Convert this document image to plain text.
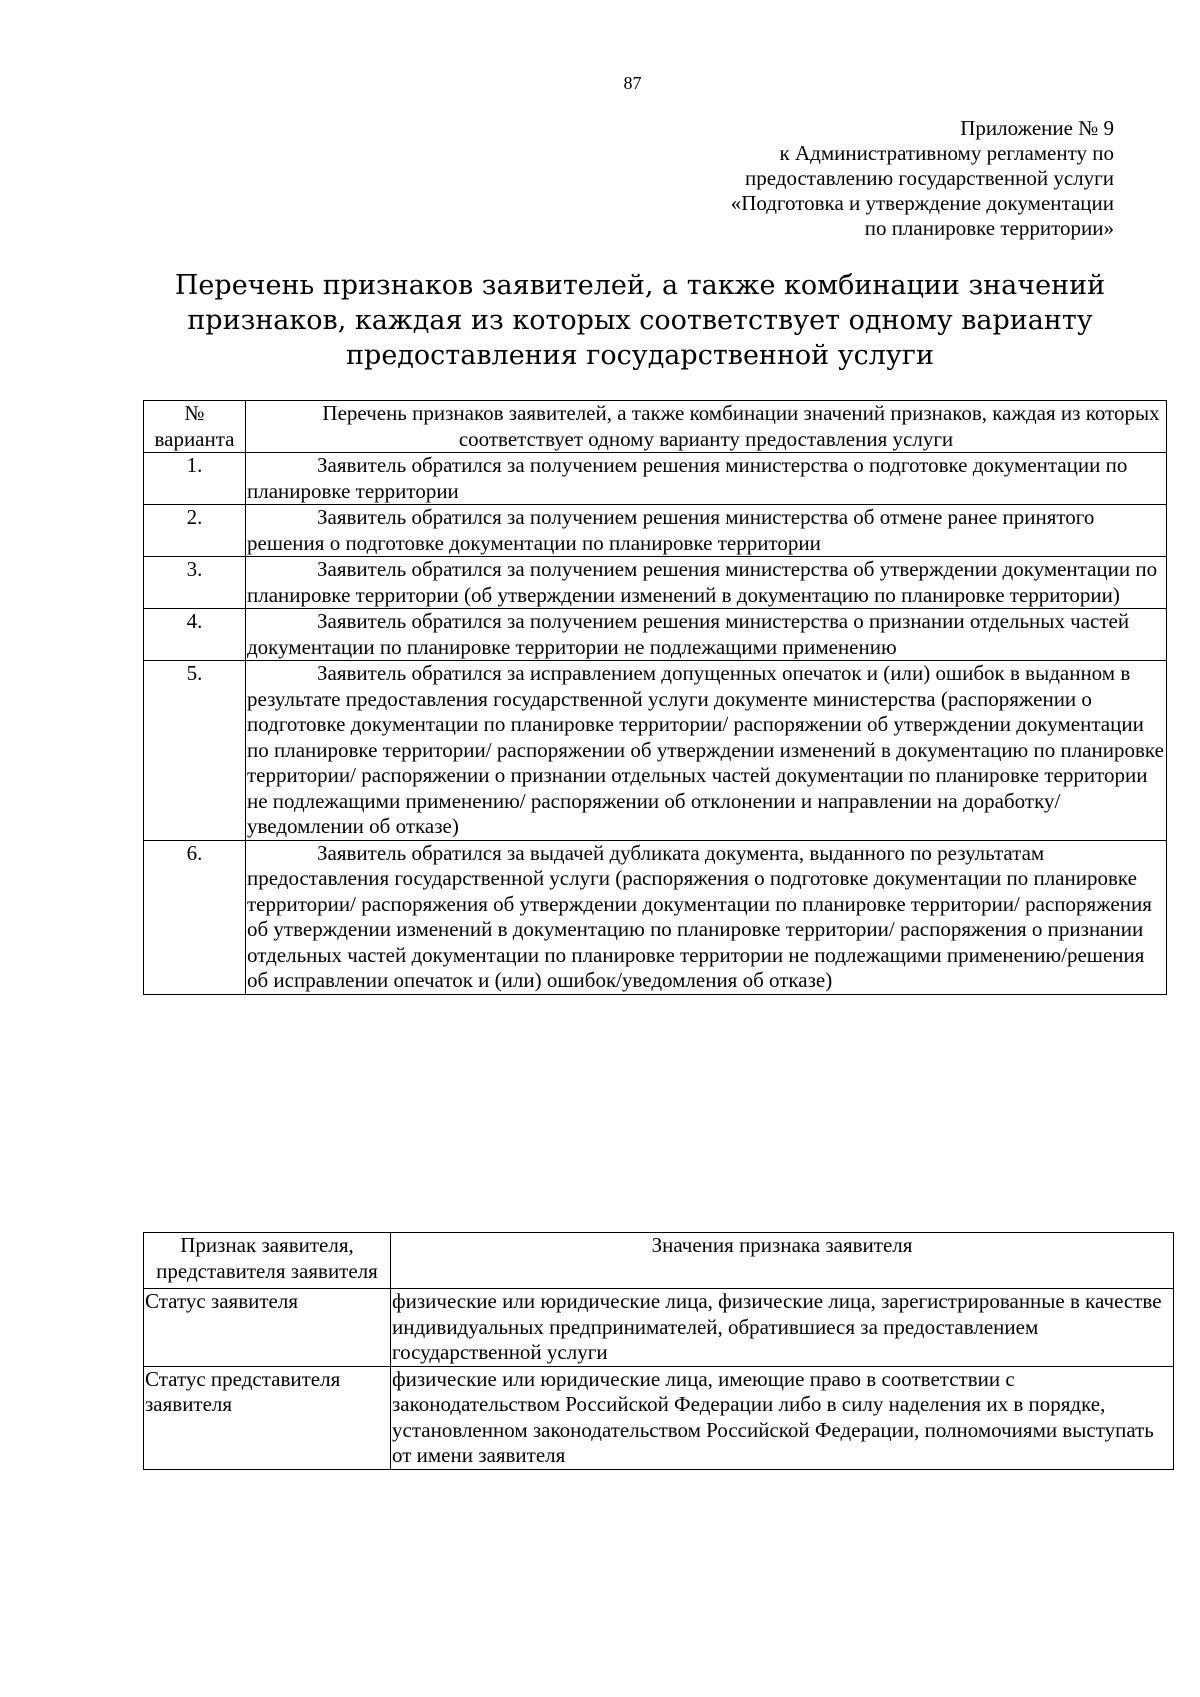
87
Приложение № 9
к Административному регламенту по
предоставлению государственной услуги
«Подготовка и утверждение документации
по планировке территории»
Перечень признаков заявителей, а также комбинации значений
признаков, каждая из которых соответствует одному варианту
предоставления государственной услуги
№ варианта	Перечень признаков заявителей, а также комбинации значений признаков, каждая из которых соответствует одному варианту предоставления услуги
1.	Заявитель обратился за получением решения министерства о подготовке документации по планировке территории
2.	Заявитель обратился за получением решения министерства об отмене ранее принятого решения о подготовке документации по планировке территории
3.	Заявитель обратился за получением решения министерства об утверждении документации по планировке территории (об утверждении изменений в документацию по планировке территории)
4.	Заявитель обратился за получением решения министерства о признании отдельных частей документации по планировке территории не подлежащими применению
5.	Заявитель обратился за исправлением допущенных опечаток и (или) ошибок в выданном в результате предоставления государственной услуги документе министерства (распоряжении о подготовке документации по планировке территории/ распоряжении об утверждении документации по планировке территории/ распоряжении об утверждении изменений в документацию по планировке территории/ распоряжении о признании отдельных частей документации по планировке территории не подлежащими применению/ распоряжении об отклонении и направлении на доработку/уведомлении об отказе)
6.	Заявитель обратился за выдачей дубликата документа, выданного по результатам предоставления государственной услуги (распоряжения о подготовке документации по планировке территории/ распоряжения об утверждении документации по планировке территории/ распоряжения об утверждении изменений в документацию по планировке территории/ распоряжения о признании отдельных частей документации по планировке территории не подлежащими применению/решения об исправлении опечаток и (или) ошибок/уведомления об отказе)
Признак заявителя, представителя заявителя	Значения признака заявителя
Статус заявителя	физические или юридические лица, физические лица, зарегистрированные в качестве индивидуальных предпринимателей, обратившиеся за предоставлением государственной услуги
Статус представителя заявителя	физические или юридические лица, имеющие право в соответствии с законодательством Российской Федерации либо в силу наделения их в порядке, установленном законодательством Российской Федерации, полномочиями выступать от имени заявителя
